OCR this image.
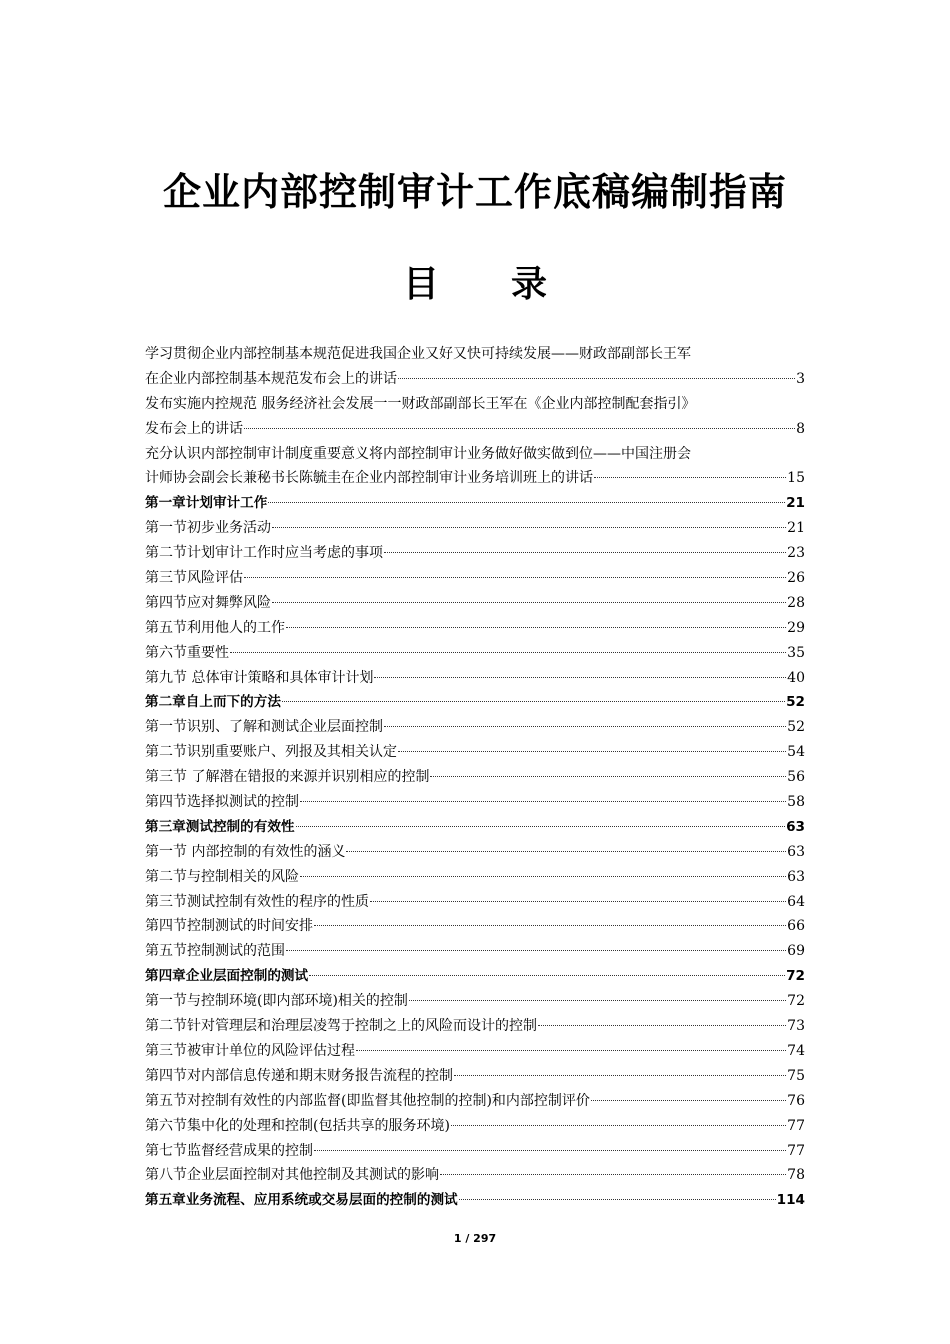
企业内部控制审计工作底稿编制指南
目 录
学习贯彻企业内部控制基本规范促进我国企业又好又快可持续发展——财政部副部长王军
在企业内部控制基本规范发布会上的讲话	3
发布实施内控规范 服务经济社会发展一一财政部副部长王军在《企业内部控制配套指引》
发布会上的讲话	8
充分认识内部控制审计制度重要意义将内部控制审计业务做好做实做到位——中国注册会
计师协会副会长兼秘书长陈毓圭在企业内部控制审计业务培训班上的讲话	15
第一章计划审计工作	21
第一节初步业务活动	21
第二节计划审计工作时应当考虑的事项	23
第三节风险评估	26
第四节应对舞弊风险	28
第五节利用他人的工作	29
第六节重要性	35
第九节 总体审计策略和具体审计计划	40
第二章自上而下的方法	52
第一节识别、了解和测试企业层面控制	52
第二节识别重要账户、列报及其相关认定	54
第三节 了解潜在错报的来源并识别相应的控制	56
第四节选择拟测试的控制	58
第三章测试控制的有效性	63
第一节 内部控制的有效性的涵义	63
第二节与控制相关的风险	63
第三节测试控制有效性的程序的性质	64
第四节控制测试的时间安排	66
第五节控制测试的范围	69
第四章企业层面控制的测试	72
第一节与控制环境(即内部环境)相关的控制	72
第二节针对管理层和治理层凌驾于控制之上的风险而设计的控制	73
第三节被审计单位的风险评估过程	74
第四节对内部信息传递和期末财务报告流程的控制	75
第五节对控制有效性的内部监督(即监督其他控制的控制)和内部控制评价	76
第六节集中化的处理和控制(包括共享的服务环境)	77
第七节监督经营成果的控制	77
第八节企业层面控制对其他控制及其测试的影响	78
第五章业务流程、应用系统或交易层面的控制的测试	114
1 / 297
